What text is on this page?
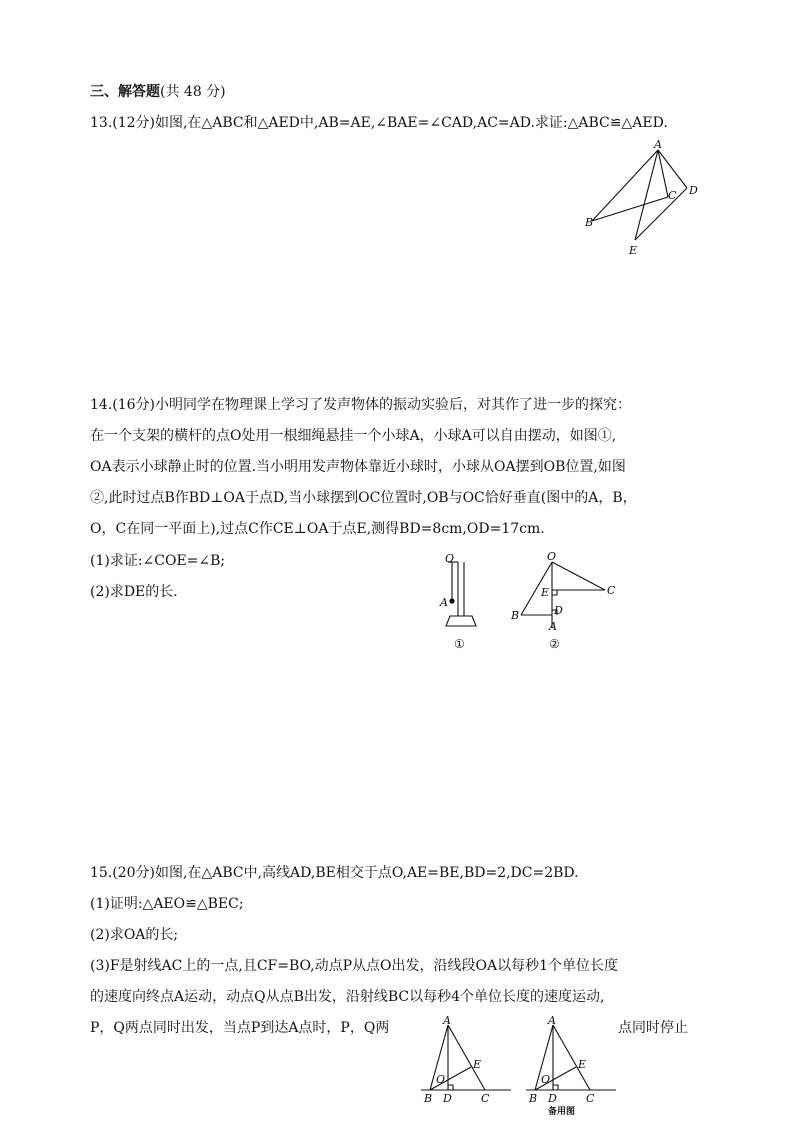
三、解答题(共 48 分)
13.(12分)如图,在△ABC和△AED中,AB=AE,∠BAE=∠CAD,AC=AD.求证:△ABC≌△AED.
A
B
C D
E
14.(16分)小明同学在物理课上学习了发声物体的振动实验后，对其作了进一步的探究：
在一个支架的横杆的点O处用一根细绳悬挂一个小球A，小球A可以自由摆动，如图①,
OA表示小球静止时的位置.当小明用发声物体靠近小球时，小球从OA摆到OB位置,如图
②,此时过点B作BD⊥OA于点D,当小球摆到OC位置时,OB与OC恰好垂直(图中的A，B，
O，C在同一平面上),过点C作CE⊥OA于点E,测得BD=8cm,OD=17cm.
(1)求证:∠COE=∠B;
(2)求DE的长.
O
A
①
O
E	C
D
B
A
②
15.(20分)如图,在△ABC中,高线AD,BE相交于点O,AE=BE,BD=2,DC=2BD.
(1)证明:△AEO≌△BEC;
(2)求OA的长;
(3)F是射线AC上的一点,且CF=BO,动点P从点O出发，沿线段OA以每秒1个单位长度
的速度向终点A运动，动点Q从点B出发，沿射线BC以每秒4个单位长度的速度运动,
P，Q两点同时出发，当点P到达A点时，P，Q两	点同时停止
A
E
O
B D	C
A
E
O
B D	C
备用图
